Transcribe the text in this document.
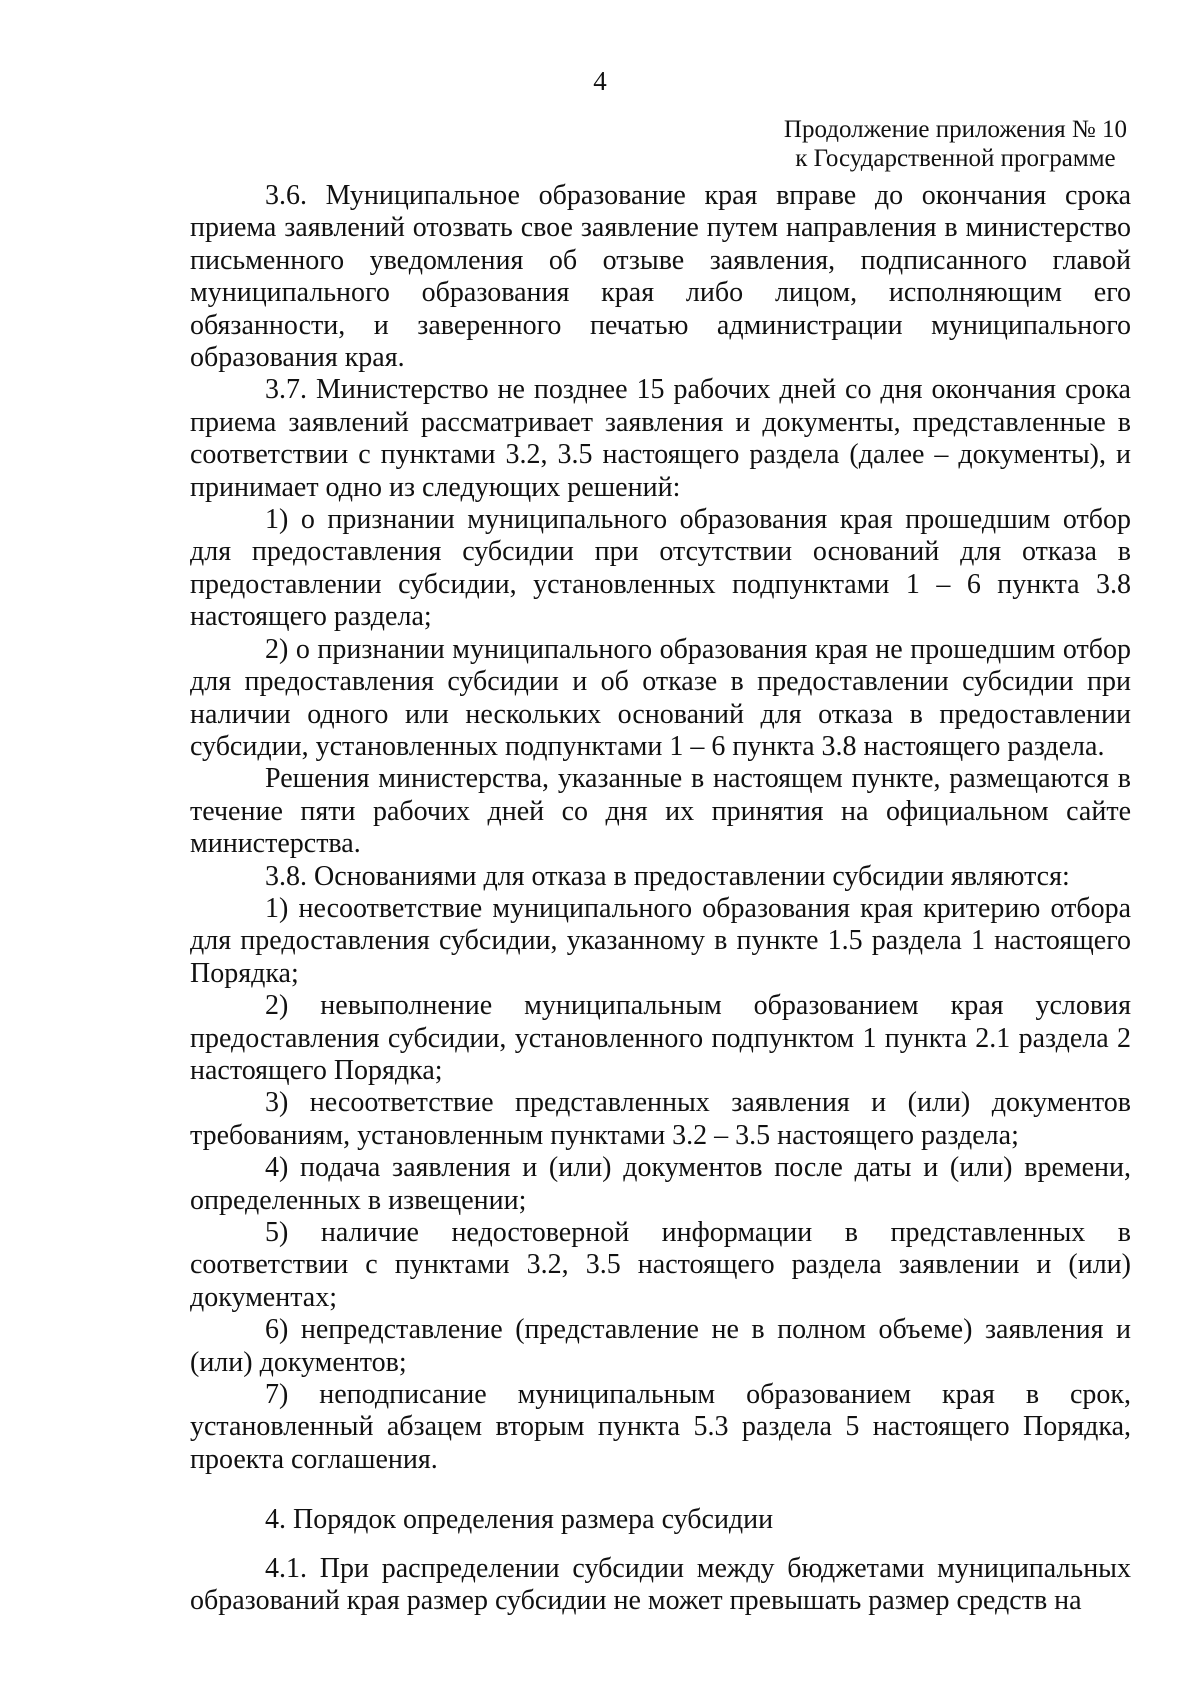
4
Продолжение приложения № 10
к Государственной программе

3.6. Муниципальное образование края вправе до окончания срока приема заявлений отозвать свое заявление путем направления в министерство письменного уведомления об отзыве заявления, подписанного главой муниципального образования края либо лицом, исполняющим его обязанности, и заверенного печатью администрации муниципального образования края.

3.7. Министерство не позднее 15 рабочих дней со дня окончания срока приема заявлений рассматривает заявления и документы, представленные в соответствии с пунктами 3.2, 3.5 настоящего раздела (далее – документы), и принимает одно из следующих решений:

1) о признании муниципального образования края прошедшим отбор для предоставления субсидии при отсутствии оснований для отказа в предоставлении субсидии, установленных подпунктами 1 – 6 пункта 3.8 настоящего раздела;

2) о признании муниципального образования края не прошедшим отбор для предоставления субсидии и об отказе в предоставлении субсидии при наличии одного или нескольких оснований для отказа в предоставлении субсидии, установленных подпунктами 1 – 6 пункта 3.8 настоящего раздела.

Решения министерства, указанные в настоящем пункте, размещаются в течение пяти рабочих дней со дня их принятия на официальном сайте министерства.

3.8. Основаниями для отказа в предоставлении субсидии являются:

1) несоответствие муниципального образования края критерию отбора для предоставления субсидии, указанному в пункте 1.5 раздела 1 настоящего Порядка;

2) невыполнение муниципальным образованием края условия предоставления субсидии, установленного подпунктом 1 пункта 2.1 раздела 2 настоящего Порядка;

3) несоответствие представленных заявления и (или) документов требованиям, установленным пунктами 3.2 – 3.5 настоящего раздела;

4) подача заявления и (или) документов после даты и (или) времени, определенных в извещении;

5) наличие недостоверной информации в представленных в соответствии с пунктами 3.2, 3.5 настоящего раздела заявлении и (или) документах;

6) непредставление (представление не в полном объеме) заявления и (или) документов;

7) неподписание муниципальным образованием края в срок, установленный абзацем вторым пункта 5.3 раздела 5 настоящего Порядка, проекта соглашения.

4. Порядок определения размера субсидии

4.1. При распределении субсидии между бюджетами муниципальных образований края размер субсидии не может превышать размер средств на
